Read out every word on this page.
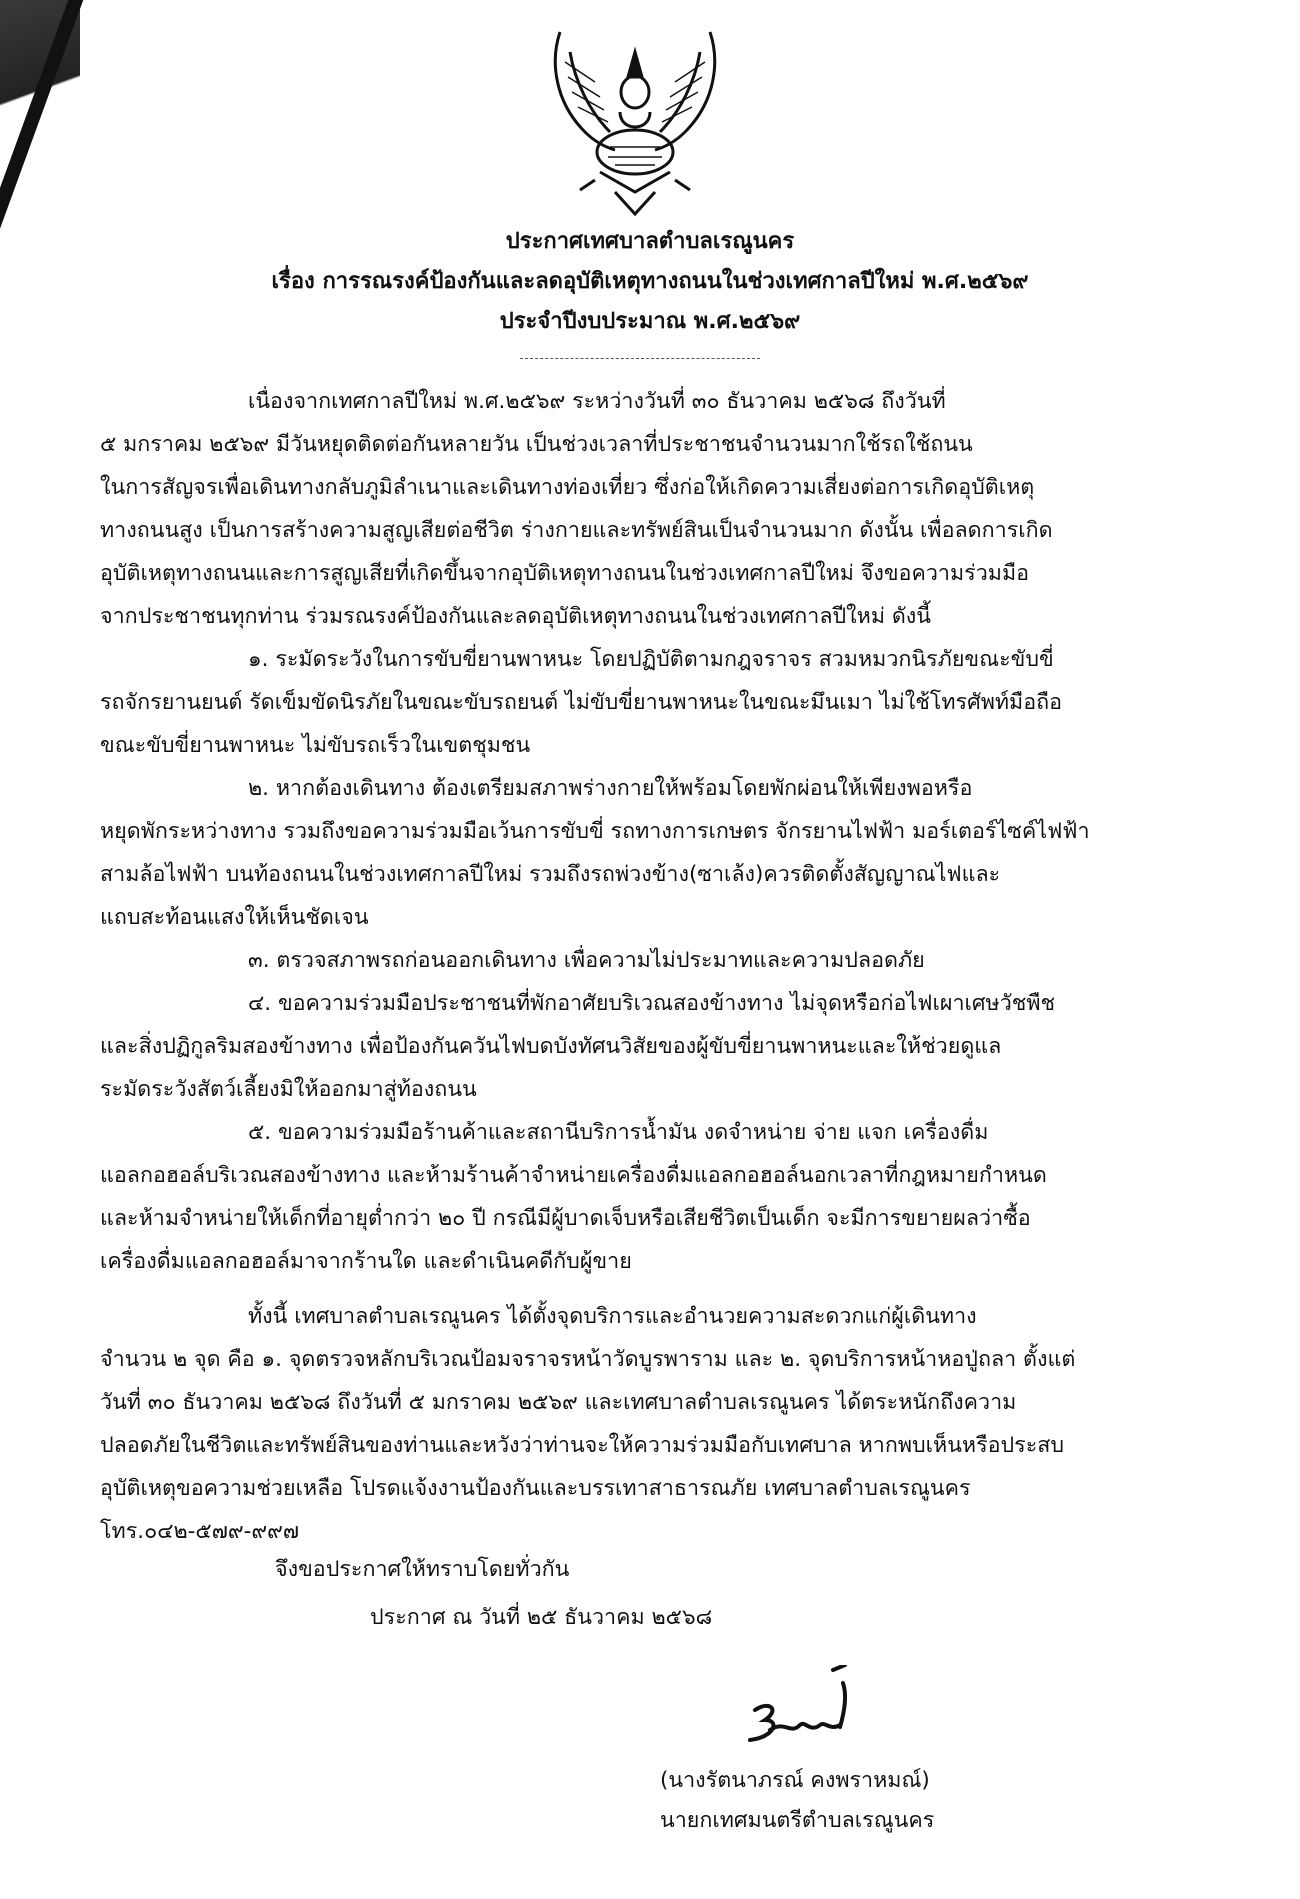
ประกาศเทศบาลตำบลเรณูนคร
เรื่อง การรณรงค์ป้องกันและลดอุบัติเหตุทางถนนในช่วงเทศกาลปีใหม่ พ.ศ.๒๕๖๙
ประจำปีงบประมาณ พ.ศ.๒๕๖๙

เนื่องจากเทศกาลปีใหม่ พ.ศ.๒๕๖๙ ระหว่างวันที่ ๓๐ ธันวาคม ๒๕๖๘ ถึงวันที่
๕ มกราคม ๒๕๖๙ มีวันหยุดติดต่อกันหลายวัน เป็นช่วงเวลาที่ประชาชนจำนวนมากใช้รถใช้ถนน
ในการสัญจรเพื่อเดินทางกลับภูมิลำเนาและเดินทางท่องเที่ยว ซึ่งก่อให้เกิดความเสี่ยงต่อการเกิดอุบัติเหตุ
ทางถนนสูง เป็นการสร้างความสูญเสียต่อชีวิต ร่างกายและทรัพย์สินเป็นจำนวนมาก ดังนั้น เพื่อลดการเกิด
อุบัติเหตุทางถนนและการสูญเสียที่เกิดขึ้นจากอุบัติเหตุทางถนนในช่วงเทศกาลปีใหม่ จึงขอความร่วมมือ
จากประชาชนทุกท่าน ร่วมรณรงค์ป้องกันและลดอุบัติเหตุทางถนนในช่วงเทศกาลปีใหม่ ดังนี้

๑. ระมัดระวังในการขับขี่ยานพาหนะ โดยปฏิบัติตามกฎจราจร สวมหมวกนิรภัยขณะขับขี่
รถจักรยานยนต์ รัดเข็มขัดนิรภัยในขณะขับรถยนต์ ไม่ขับขี่ยานพาหนะในขณะมึนเมา ไม่ใช้โทรศัพท์มือถือ
ขณะขับขี่ยานพาหนะ ไม่ขับรถเร็วในเขตชุมชน

๒. หากต้องเดินทาง ต้องเตรียมสภาพร่างกายให้พร้อมโดยพักผ่อนให้เพียงพอหรือ
หยุดพักระหว่างทาง รวมถึงขอความร่วมมือเว้นการขับขี่ รถทางการเกษตร จักรยานไฟฟ้า มอร์เตอร์ไซค์ไฟฟ้า
สามล้อไฟฟ้า บนท้องถนนในช่วงเทศกาลปีใหม่ รวมถึงรถพ่วงข้าง(ซาเล้ง)ควรติดตั้งสัญญาณไฟและ
แถบสะท้อนแสงให้เห็นชัดเจน

๓. ตรวจสภาพรถก่อนออกเดินทาง เพื่อความไม่ประมาทและความปลอดภัย

๔. ขอความร่วมมือประชาชนที่พักอาศัยบริเวณสองข้างทาง ไม่จุดหรือก่อไฟเผาเศษวัชพืช
และสิ่งปฏิกูลริมสองข้างทาง เพื่อป้องกันควันไฟบดบังทัศนวิสัยของผู้ขับขี่ยานพาหนะและให้ช่วยดูแล
ระมัดระวังสัตว์เลี้ยงมิให้ออกมาสู่ท้องถนน

๕. ขอความร่วมมือร้านค้าและสถานีบริการน้ำมัน งดจำหน่าย จ่าย แจก เครื่องดื่ม
แอลกอฮอล์บริเวณสองข้างทาง และห้ามร้านค้าจำหน่ายเครื่องดื่มแอลกอฮอล์นอกเวลาที่กฎหมายกำหนด
และห้ามจำหน่ายให้เด็กที่อายุต่ำกว่า ๒๐ ปี กรณีมีผู้บาดเจ็บหรือเสียชีวิตเป็นเด็ก จะมีการขยายผลว่าซื้อ
เครื่องดื่มแอลกอฮอล์มาจากร้านใด และดำเนินคดีกับผู้ขาย

ทั้งนี้ เทศบาลตำบลเรณูนคร ได้ตั้งจุดบริการและอำนวยความสะดวกแก่ผู้เดินทาง
จำนวน ๒ จุด คือ ๑. จุดตรวจหลักบริเวณป้อมจราจรหน้าวัดบูรพาราม และ ๒. จุดบริการหน้าหอปู่ถลา ตั้งแต่
วันที่ ๓๐ ธันวาคม ๒๕๖๘ ถึงวันที่ ๕ มกราคม ๒๕๖๙ และเทศบาลตำบลเรณูนคร ได้ตระหนักถึงความ
ปลอดภัยในชีวิตและทรัพย์สินของท่านและหวังว่าท่านจะให้ความร่วมมือกับเทศบาล หากพบเห็นหรือประสบ
อุบัติเหตุขอความช่วยเหลือ โปรดแจ้งงานป้องกันและบรรเทาสาธารณภัย เทศบาลตำบลเรณูนคร
โทร.๐๔๒-๕๗๙-๙๙๗

จึงขอประกาศให้ทราบโดยทั่วกัน
ประกาศ ณ วันที่ ๒๕ ธันวาคม ๒๕๖๘
(นางรัตนาภรณ์ คงพราหมณ์)
นายกเทศมนตรีตำบลเรณูนคร
